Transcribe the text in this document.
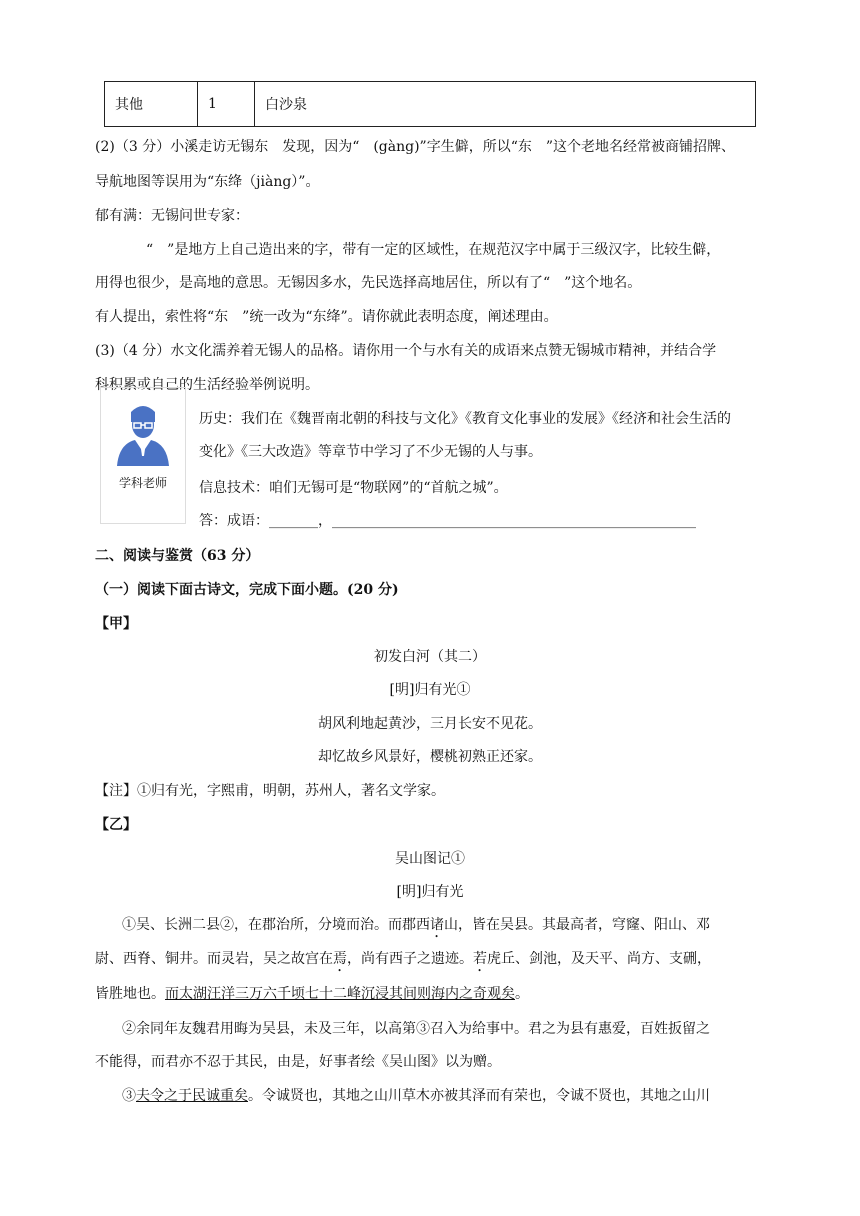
其他	1	白沙泉
(2)（3 分）小溪走访无锡东　发现，因为“　(gàng)”字生僻，所以“东　”这个老地名经常被商铺招牌、
导航地图等误用为“东绛（jiàng）”。
郁有满：无锡问世专家：
“　”是地方上自己造出来的字，带有一定的区域性，在规范汉字中属于三级汉字，比较生僻，
用得也很少，是高地的意思。无锡因多水，先民选择高地居住，所以有了“　”这个地名。
有人提出，索性将“东　”统一改为“东绛”。请你就此表明态度，阐述理由。
(3)（4 分）水文化濡养着无锡人的品格。请你用一个与水有关的成语来点赞无锡城市精神，并结合学
科积累或自己的生活经验举例说明。
学科老师
历史：我们在《魏晋南北朝的科技与文化》《教育文化事业的发展》《经济和社会生活的
变化》《三大改造》等章节中学习了不少无锡的人与事。
信息技术：咱们无锡可是“物联网”的“首航之城”。
答：成语：_______，____________________________________________________
二、阅读与鉴赏（63 分）
（一）阅读下面古诗文，完成下面小题。(20 分)
【甲】
初发白河（其二）
[明]归有光①
胡风利地起黄沙，三月长安不见花。
却忆故乡风景好，樱桃初熟正还家。
【注】①归有光，字熙甫，明朝，苏州人，著名文学家。
【乙】
吴山图记①
[明]归有光
①吴、长洲二县②，在郡治所，分境而治。而郡西诸山，皆在吴县。其最高者，穹窿、阳山、邓
尉、西脊、铜井。而灵岩，吴之故宫在焉，尚有西子之遗迹。若虎丘、剑池，及天平、尚方、支硎，
皆胜地也。而太湖汪洋三万六千顷七十二峰沉浸其间则海内之奇观矣。
②余同年友魏君用晦为吴县，未及三年，以高第③召入为给事中。君之为县有惠爱，百姓扳留之
不能得，而君亦不忍于其民，由是，好事者绘《吴山图》以为赠。
③夫令之于民诚重矣。令诚贤也，其地之山川草木亦被其泽而有荣也，令诚不贤也，其地之山川
